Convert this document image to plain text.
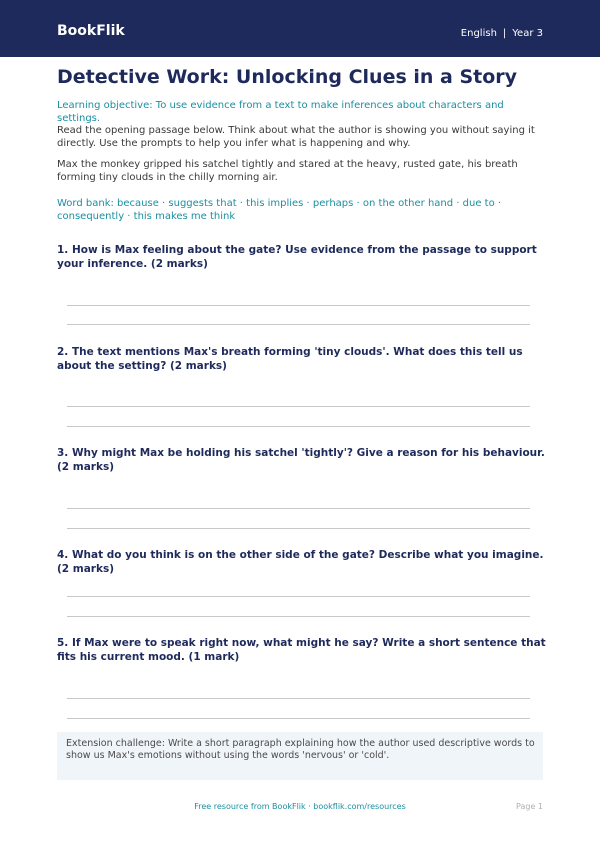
BookFlik	English | Year 3
Detective Work: Unlocking Clues in a Story
Learning objective: To use evidence from a text to make inferences about characters and settings.
Read the opening passage below. Think about what the author is showing you without saying it directly. Use the prompts to help you infer what is happening and why.
Max the monkey gripped his satchel tightly and stared at the heavy, rusted gate, his breath forming tiny clouds in the chilly morning air.
Word bank: because · suggests that · this implies · perhaps · on the other hand · due to · consequently · this makes me think
1. How is Max feeling about the gate? Use evidence from the passage to support your inference. (2 marks)
2. The text mentions Max's breath forming 'tiny clouds'. What does this tell us about the setting? (2 marks)
3. Why might Max be holding his satchel 'tightly'? Give a reason for his behaviour. (2 marks)
4. What do you think is on the other side of the gate? Describe what you imagine. (2 marks)
5. If Max were to speak right now, what might he say? Write a short sentence that fits his current mood. (1 mark)
Extension challenge: Write a short paragraph explaining how the author used descriptive words to show us Max's emotions without using the words 'nervous' or 'cold'.
Free resource from BookFlik · bookflik.com/resources	Page 1
